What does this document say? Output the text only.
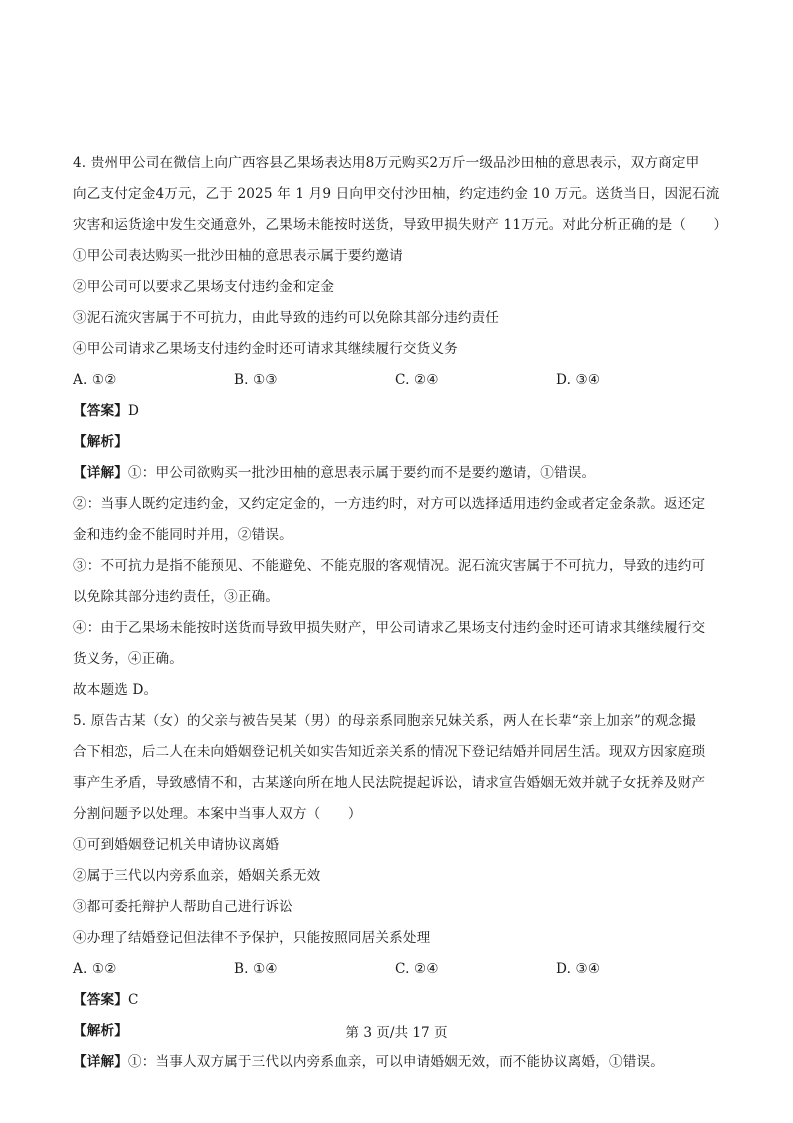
4. 贵州甲公司在微信上向广西容县乙果场表达用8万元购买2万斤一级品沙田柚的意思表示，双方商定甲
向乙支付定金4万元，乙于 2025 年 1 月9 日向甲交付沙田柚，约定违约金 10 万元。送货当日，因泥石流
灾害和运货途中发生交通意外，乙果场未能按时送货，导致甲损失财产 11万元。对此分析正确的是（　　）
①甲公司表达购买一批沙田柚的意思表示属于要约邀请
②甲公司可以要求乙果场支付违约金和定金
③泥石流灾害属于不可抗力，由此导致的违约可以免除其部分违约责任
④甲公司请求乙果场支付违约金时还可请求其继续履行交货义务
A. ①②	B. ①③	C. ②④	D. ③④
【答案】D
【解析】
【详解】①：甲公司欲购买一批沙田柚的意思表示属于要约而不是要约邀请，①错误。
②：当事人既约定违约金，又约定定金的，一方违约时，对方可以选择适用违约金或者定金条款。返还定
金和违约金不能同时并用，②错误。
③：不可抗力是指不能预见、不能避免、不能克服的客观情况。泥石流灾害属于不可抗力，导致的违约可
以免除其部分违约责任，③正确。
④：由于乙果场未能按时送货而导致甲损失财产，甲公司请求乙果场支付违约金时还可请求其继续履行交
货义务，④正确。
故本题选 D。
5. 原告古某（女）的父亲与被告吴某（男）的母亲系同胞亲兄妹关系，两人在长辈“亲上加亲”的观念撮
合下相恋，后二人在未向婚姻登记机关如实告知近亲关系的情况下登记结婚并同居生活。现双方因家庭琐
事产生矛盾，导致感情不和，古某遂向所在地人民法院提起诉讼，请求宣告婚姻无效并就子女抚养及财产
分割问题予以处理。本案中当事人双方（　　）
①可到婚姻登记机关申请协议离婚
②属于三代以内旁系血亲，婚姻关系无效
③都可委托辩护人帮助自己进行诉讼
④办理了结婚登记但法律不予保护，只能按照同居关系处理
A. ①②	B. ①④	C. ②④	D. ③④
【答案】C
【解析】
【详解】①：当事人双方属于三代以内旁系血亲，可以申请婚姻无效，而不能协议离婚，①错误。
第 3 页/共 17 页
